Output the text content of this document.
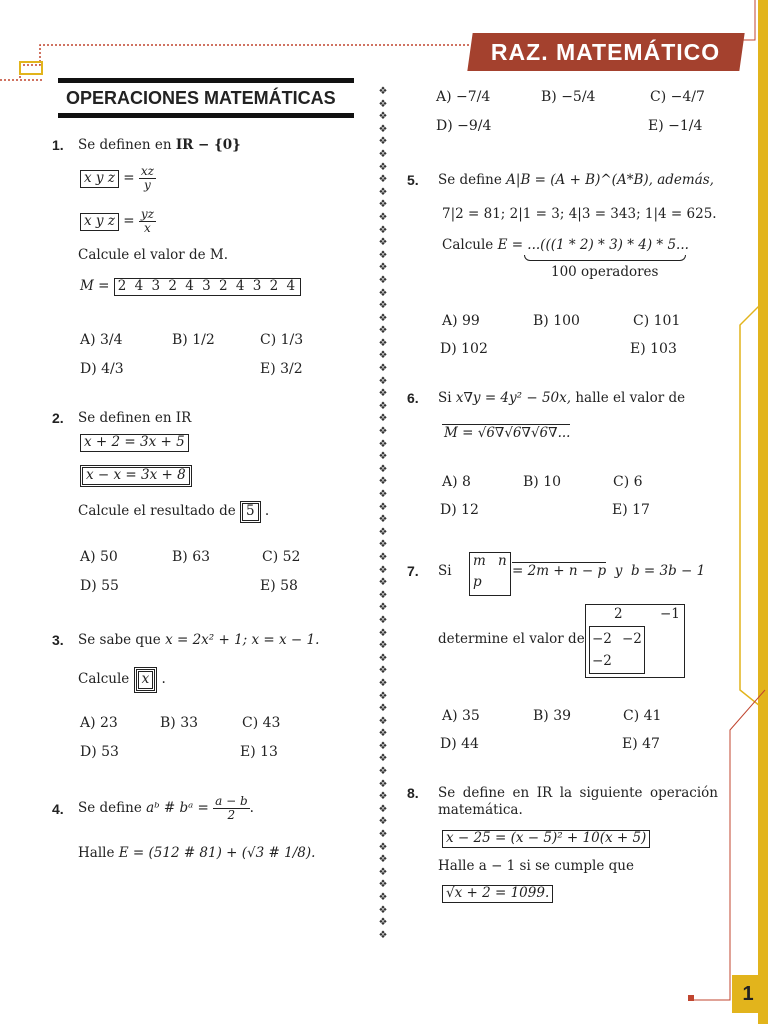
RAZ. MATEMÁTICO
OPERACIONES MATEMÁTICAS	❖
❖
❖
❖
❖
❖
❖
❖
❖
❖
❖
❖
❖
❖
❖
❖
❖
❖
❖
❖
❖
❖
❖
❖
❖
❖
❖
❖
❖
❖
❖
❖
❖
❖
❖
❖
❖
❖
❖
❖
❖
❖
❖
❖
❖
❖
❖
❖
❖
❖
❖
❖
❖
❖
❖
❖
❖
❖
❖
❖
❖
❖
❖
❖
❖
❖
❖
❖

1. Se definen en IR − {0}
x y $z = \frac{xz}{y}$
x y $z = \frac{yz}{x}$
Calcule el valor de M.
M = 2 4 3 2 4 3 2 4 3 2 4
A) 3/4	B) 1/2	C) 1/3
D) 4/3	E) 3/2
2. Se definen en IR
x + 2 = 3x + 5
x − x = 3x + 8
Calcule el resultado de 5 .
A) 50	B) 63	C) 52
D) 55	E) 58
3. Se sabe que x = 2x² + 1; x = x − 1.
Calcule x .
A) 23	B) 33	C) 43
D) 53	E) 13
4. Se define aᵇ # bᵃ = $\frac{a - b}{2}$ .
Halle E = (512 # 81) + (√3 # 1/8).
A) −7/4	B) −5/4	C) −4/7
D) −9/4	E) −1/4
5. Se define A|B = (A + B)^(A*B), además,
7|2 = 81; 2|1 = 3; 4|3 = 343; 1|4 = 625.
Calcule E = ...(((1 * 2) * 3) * 4) * 5...
100 operadores
A) 99	B) 100	C) 101
D) 102	E) 103
6. Si x∇y = 4y² − 50x, halle el valor de
M = √6∇√6∇√6∇...
A) 8	B) 10	C) 6
D) 12	E) 17
7. Si
m n
p
= 2m + n − p y b = 3b − 1
determine el valor de
2	−1
−2 −2
−2
A) 35	B) 39	C) 41
D) 44	E) 47
8. Se define en IR la siguiente operación matemática.
x − 25 = (x − 5)² + 10(x + 5)
Halle a − 1 si se cumple que
√x + 2 = 1099.
1
